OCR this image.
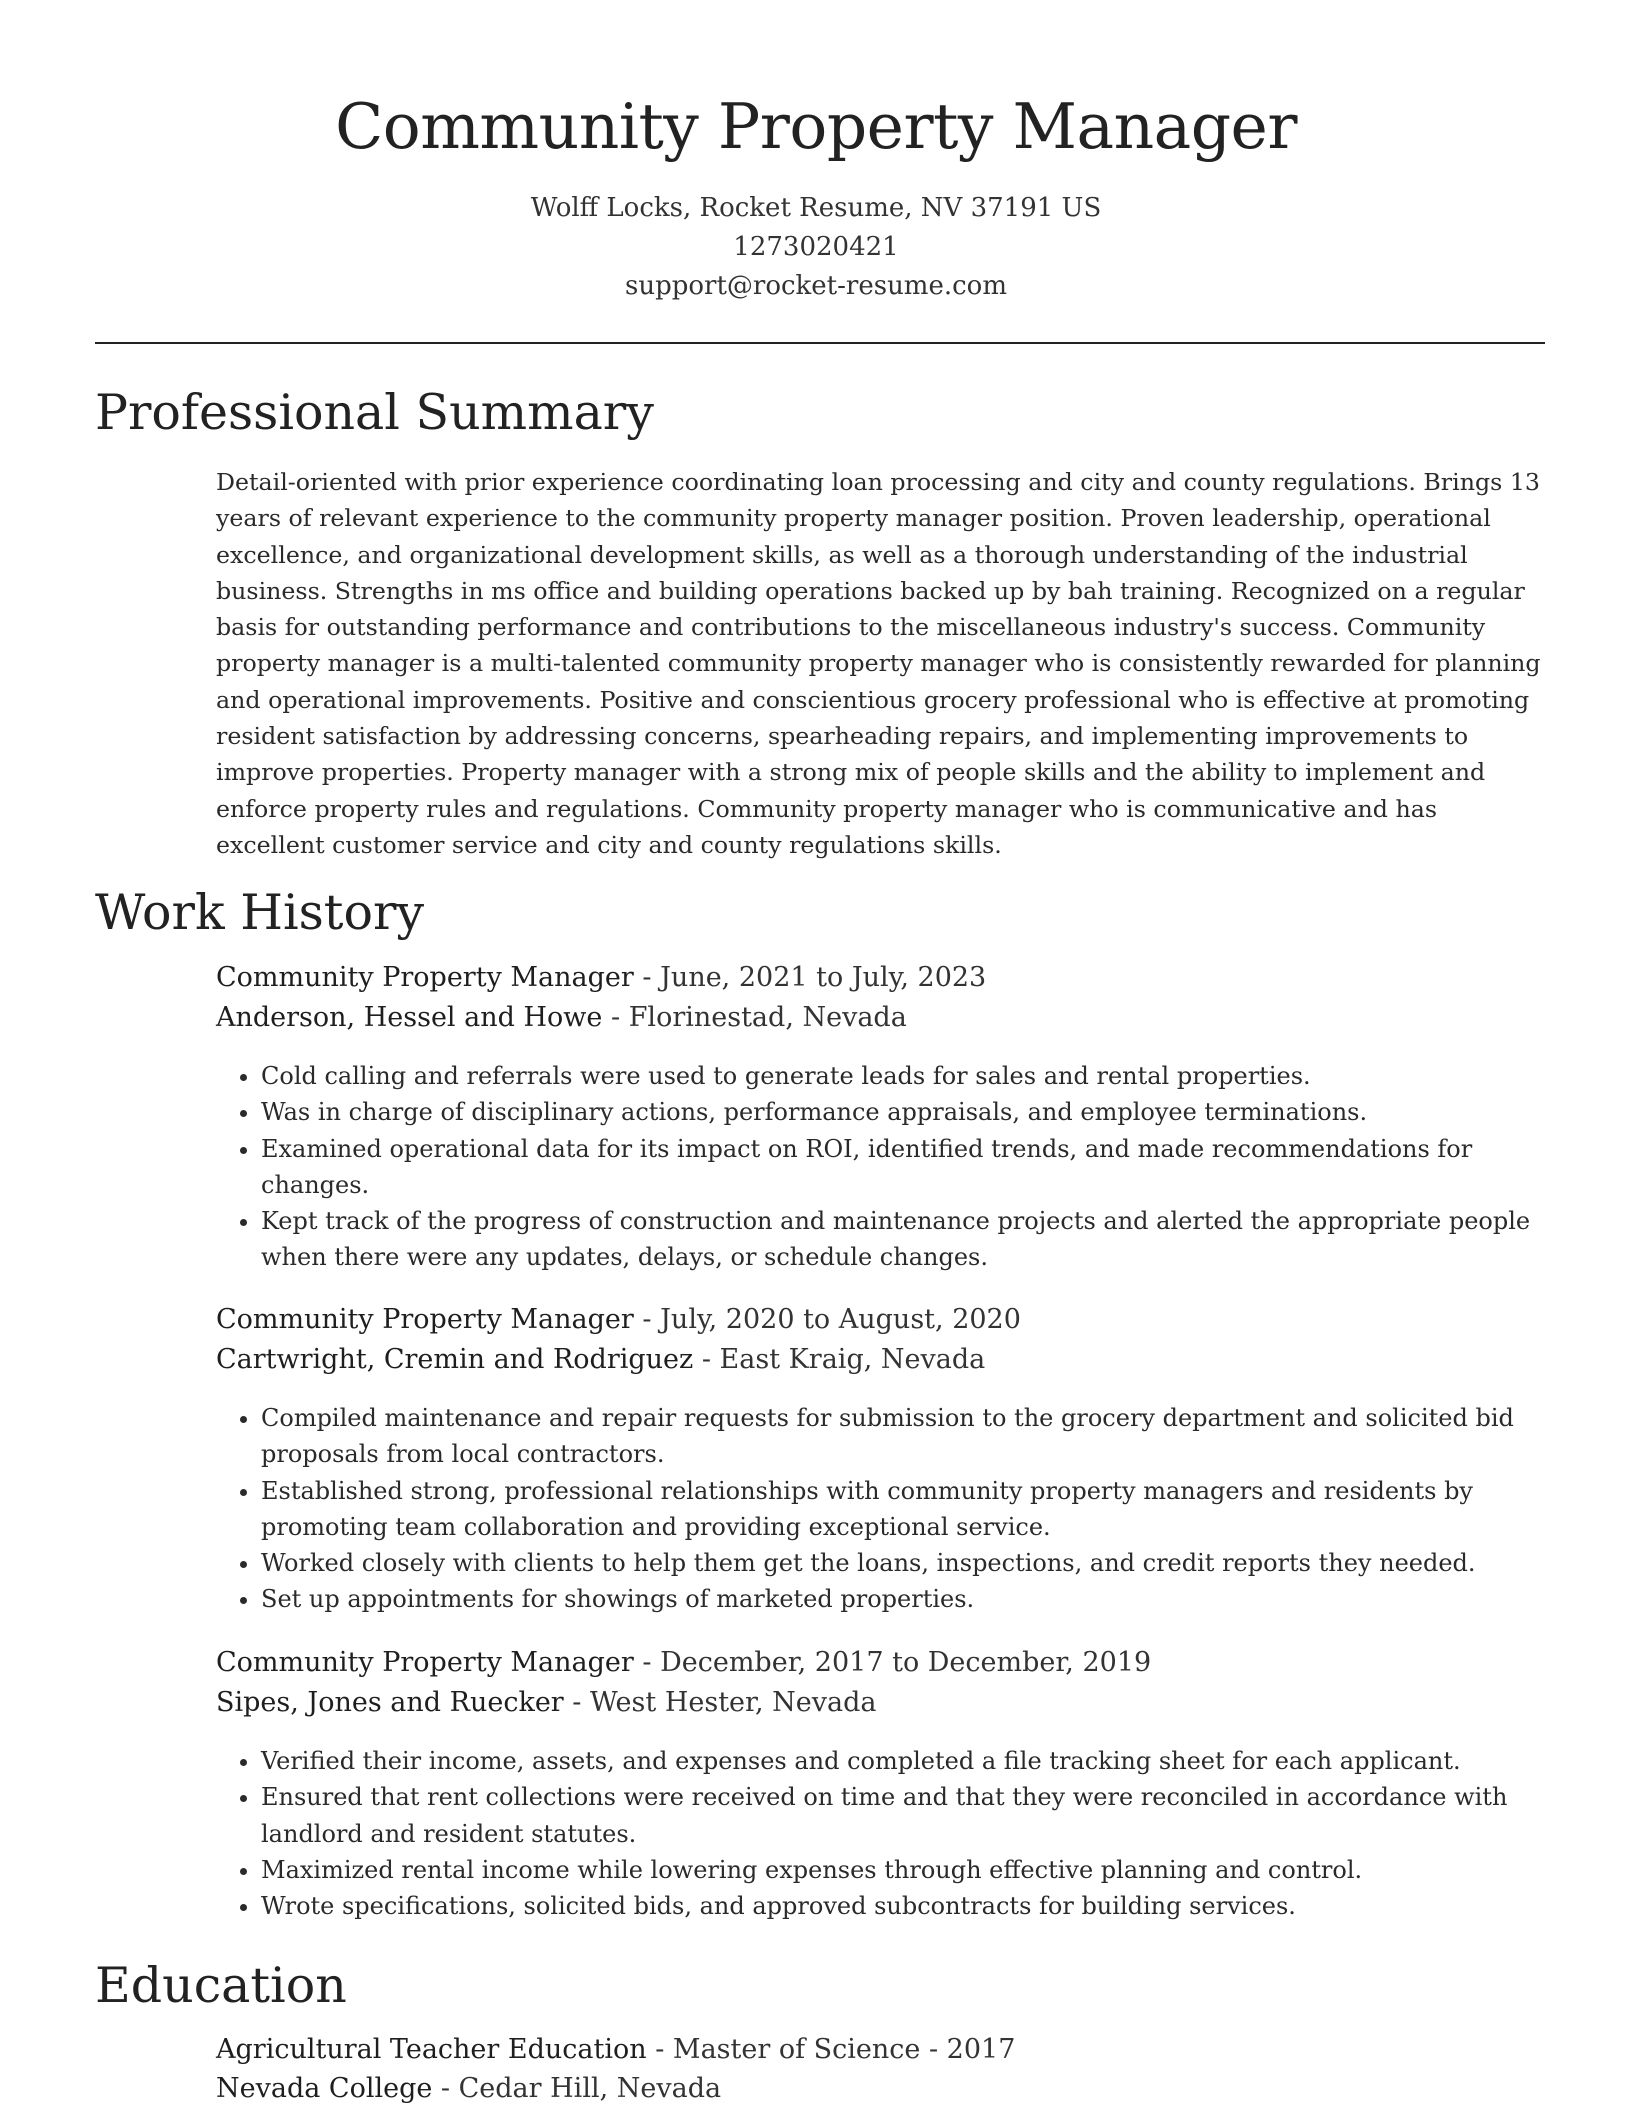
Community Property Manager
Wolff Locks, Rocket Resume, NV 37191 US
1273020421
support@rocket-resume.com
Professional Summary

Detail-oriented with prior experience coordinating loan processing and city and county regulations. Brings 13 years of relevant experience to the community property manager position. Proven leadership, operational excellence, and organizational development skills, as well as a thorough understanding of the industrial business. Strengths in ms office and building operations backed up by bah training. Recognized on a regular basis for outstanding performance and contributions to the miscellaneous industry's success. Community property manager is a multi-talented community property manager who is consistently rewarded for planning and operational improvements. Positive and conscientious grocery professional who is effective at promoting resident satisfaction by addressing concerns, spearheading repairs, and implementing improvements to improve properties. Property manager with a strong mix of people skills and the ability to implement and enforce property rules and regulations. Community property manager who is communicative and has excellent customer service and city and county regulations skills.

Work History
Community Property Manager - June, 2021 to July, 2023
Anderson, Hessel and Howe - Florinestad, Nevada
• Cold calling and referrals were used to generate leads for sales and rental properties.
• Was in charge of disciplinary actions, performance appraisals, and employee terminations.
• Examined operational data for its impact on ROI, identified trends, and made recommendations for changes.
• Kept track of the progress of construction and maintenance projects and alerted the appropriate people when there were any updates, delays, or schedule changes.
Community Property Manager - July, 2020 to August, 2020
Cartwright, Cremin and Rodriguez - East Kraig, Nevada
• Compiled maintenance and repair requests for submission to the grocery department and solicited bid proposals from local contractors.
• Established strong, professional relationships with community property managers and residents by promoting team collaboration and providing exceptional service.
• Worked closely with clients to help them get the loans, inspections, and credit reports they needed.
• Set up appointments for showings of marketed properties.
Community Property Manager - December, 2017 to December, 2019
Sipes, Jones and Ruecker - West Hester, Nevada
• Verified their income, assets, and expenses and completed a file tracking sheet for each applicant.
• Ensured that rent collections were received on time and that they were reconciled in accordance with landlord and resident statutes.
• Maximized rental income while lowering expenses through effective planning and control.
• Wrote specifications, solicited bids, and approved subcontracts for building services.
Education
Agricultural Teacher Education - Master of Science - 2017
Nevada College - Cedar Hill, Nevada
